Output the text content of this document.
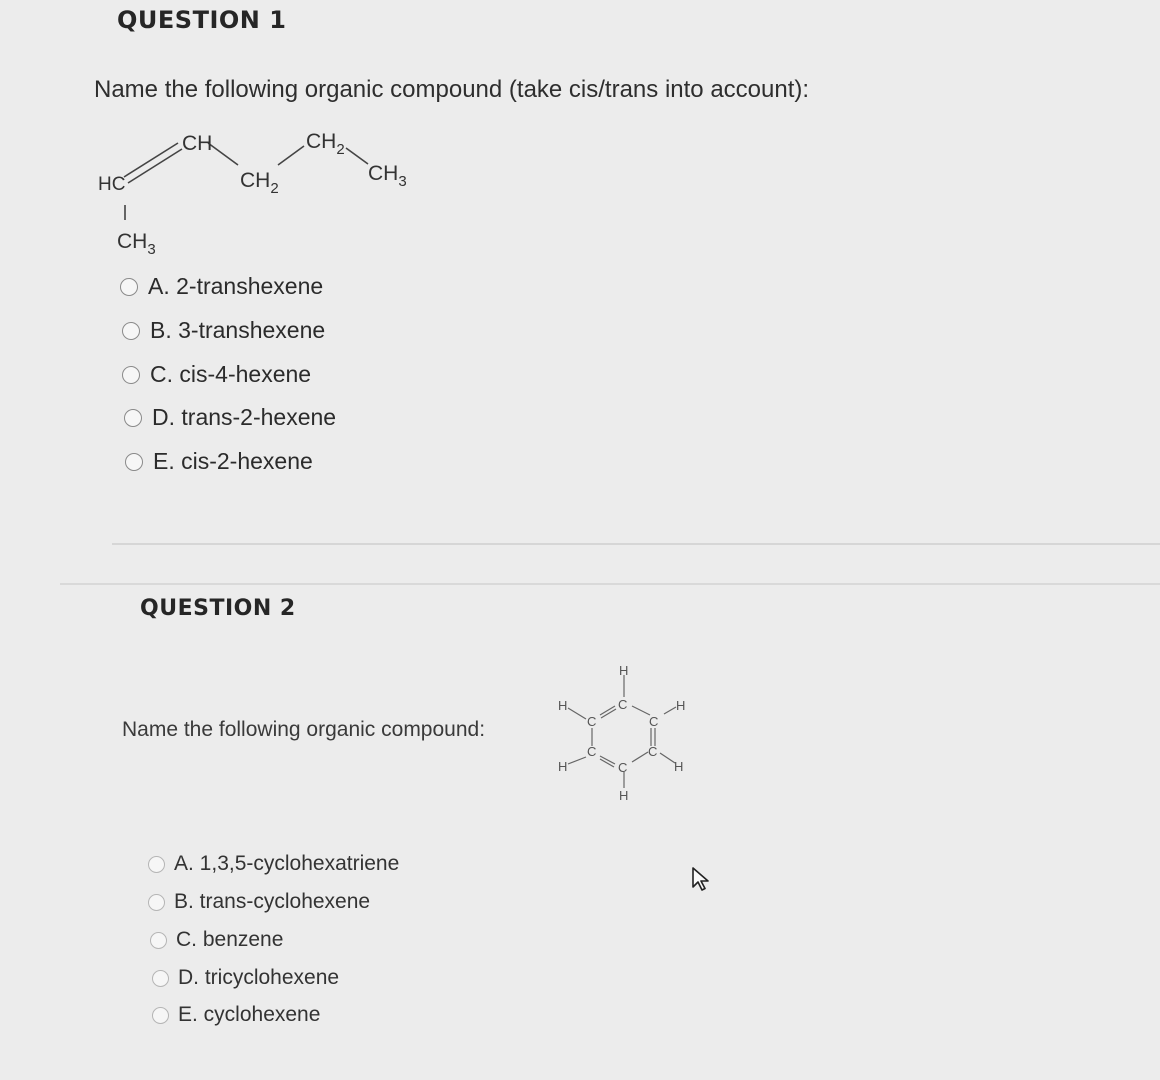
QUESTION 1
Name the following organic compound (take cis/trans into account):
HC
CH
$CH_2$
$CH_2$
$CH_3$
$CH_3$
A. 2-transhexene
B. 3-transhexene
C. cis-4-hexene
D. trans-2-hexene
E. cis-2-hexene
QUESTION 2
Name the following organic compound:
H
C
H
C	C
H
C
H
C
H
C
H
A. 1,3,5-cyclohexatriene
B. trans-cyclohexene
C. benzene
D. tricyclohexene
E. cyclohexene
